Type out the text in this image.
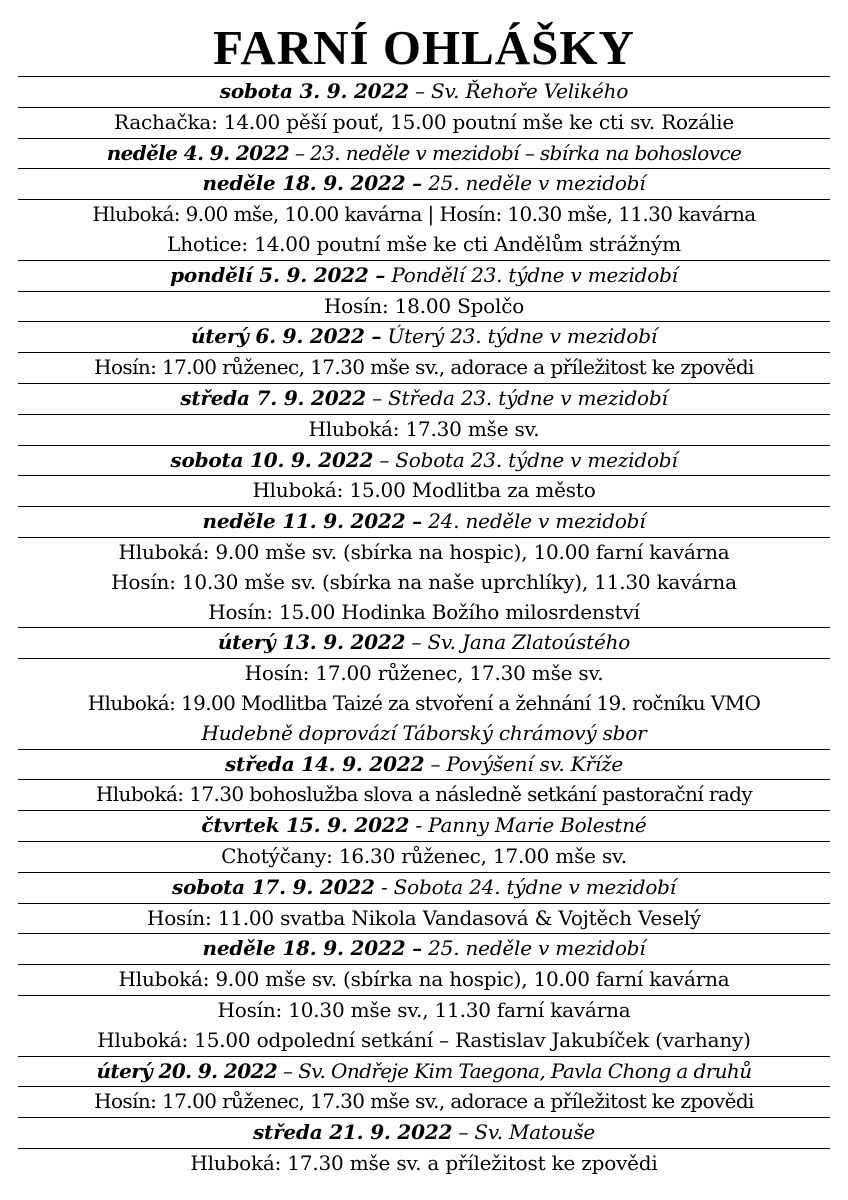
FARNÍ OHLÁŠKY
sobota 3. 9. 2022 – Sv. Řehoře Velikého
Rachačka: 14.00 pěší pouť, 15.00 poutní mše ke cti sv. Rozálie
neděle 4. 9. 2022 – 23. neděle v mezidobí – sbírka na bohoslovce
neděle 18. 9. 2022 – 25. neděle v mezidobí
Hluboká: 9.00 mše, 10.00 kavárna | Hosín: 10.30 mše, 11.30 kavárna
Lhotice: 14.00 poutní mše ke cti Andělům strážným
pondělí 5. 9. 2022 – Pondělí 23. týdne v mezidobí
Hosín: 18.00 Spolčo
úterý 6. 9. 2022 – Úterý 23. týdne v mezidobí
Hosín: 17.00 růženec, 17.30 mše sv., adorace a příležitost ke zpovědi
středa 7. 9. 2022 – Středa 23. týdne v mezidobí
Hluboká: 17.30 mše sv.
sobota 10. 9. 2022 – Sobota 23. týdne v mezidobí
Hluboká: 15.00 Modlitba za město
neděle 11. 9. 2022 – 24. neděle v mezidobí
Hluboká: 9.00 mše sv. (sbírka na hospic), 10.00 farní kavárna
Hosín: 10.30 mše sv. (sbírka na naše uprchlíky), 11.30 kavárna
Hosín: 15.00 Hodinka Božího milosrdenství
úterý 13. 9. 2022 – Sv. Jana Zlatoústého
Hosín: 17.00 růženec, 17.30 mše sv.
Hluboká: 19.00 Modlitba Taizé za stvoření a žehnání 19. ročníku VMO
Hudebně doprovází Táborský chrámový sbor
středa 14. 9. 2022 – Povýšení sv. Kříže
Hluboká: 17.30 bohoslužba slova a následně setkání pastorační rady
čtvrtek 15. 9. 2022 - Panny Marie Bolestné
Chotýčany: 16.30 růženec, 17.00 mše sv.
sobota 17. 9. 2022 - Sobota 24. týdne v mezidobí
Hosín: 11.00 svatba Nikola Vandasová & Vojtěch Veselý
neděle 18. 9. 2022 – 25. neděle v mezidobí
Hluboká: 9.00 mše sv. (sbírka na hospic), 10.00 farní kavárna
Hosín: 10.30 mše sv., 11.30 farní kavárna
Hluboká: 15.00 odpolední setkání – Rastislav Jakubíček (varhany)
úterý 20. 9. 2022 – Sv. Ondřeje Kim Taegona, Pavla Chong a druhů
Hosín: 17.00 růženec, 17.30 mše sv., adorace a příležitost ke zpovědi
středa 21. 9. 2022 – Sv. Matouše
Hluboká: 17.30 mše sv. a příležitost ke zpovědi
